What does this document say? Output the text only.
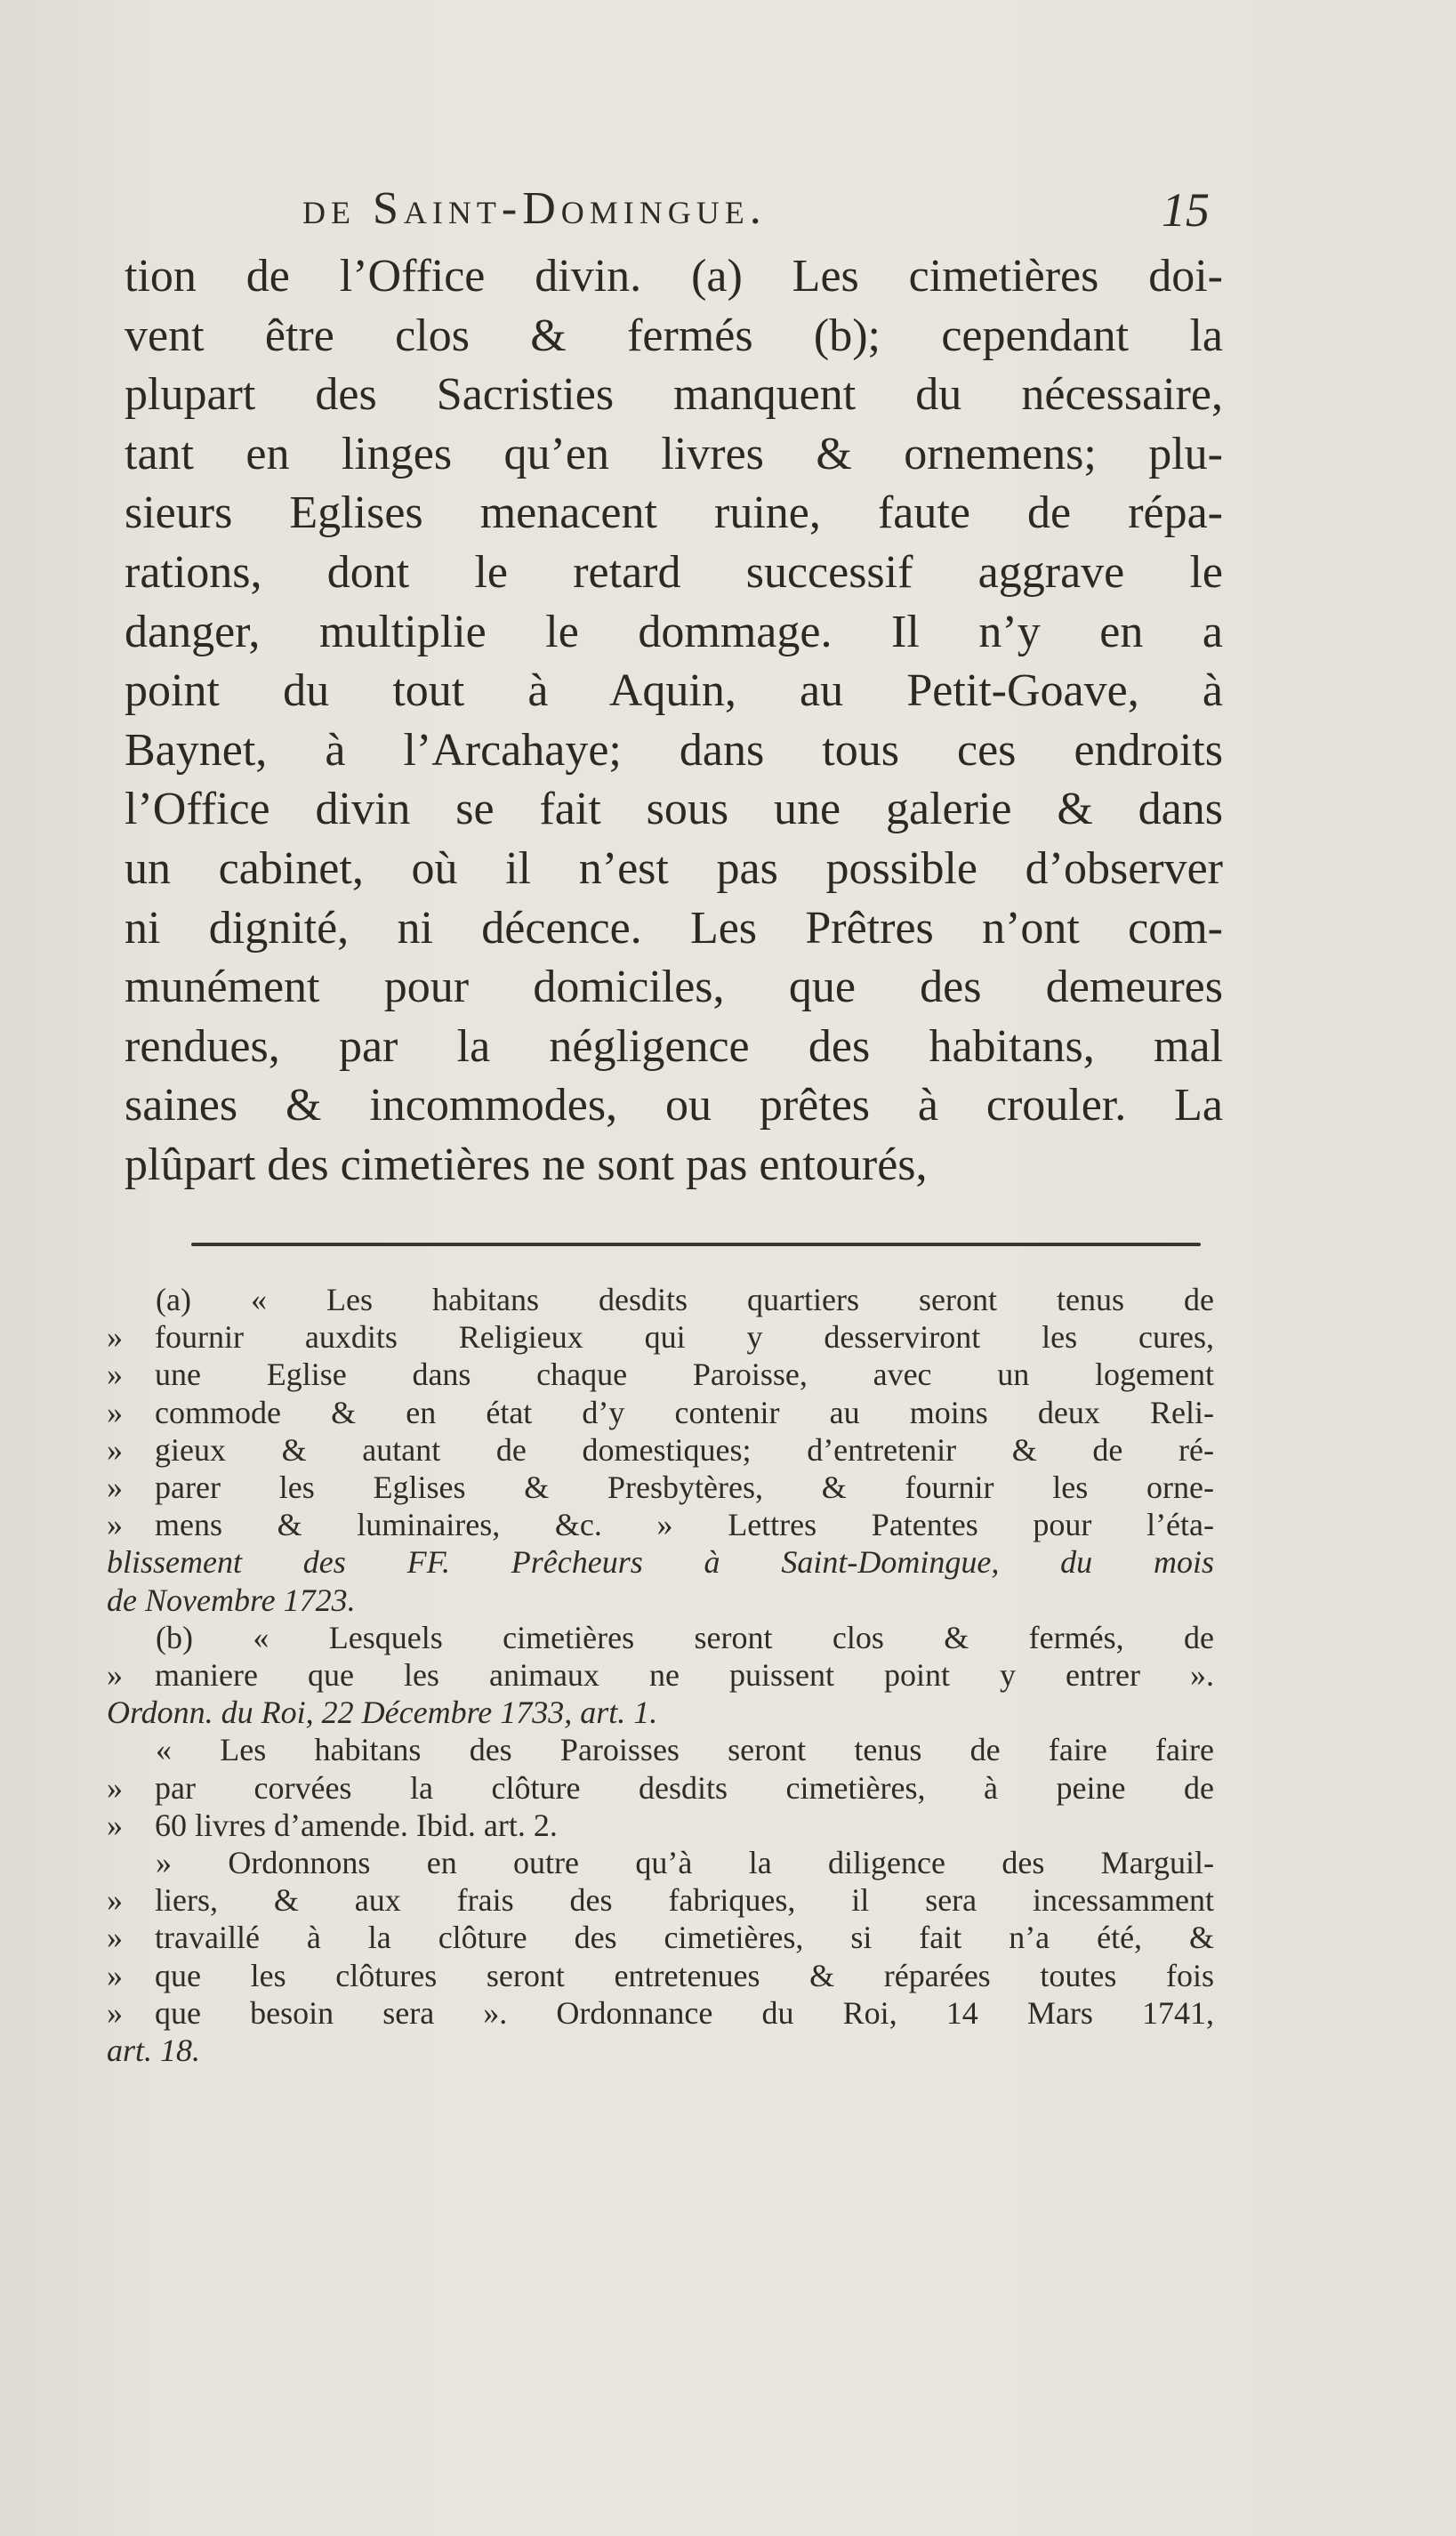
de Saint-Domingue.	15
tion de l’Office divin. (a) Les cimetières doi-
vent être clos & fermés (b); cependant la
plupart des Sacristies manquent du nécessaire,
tant en linges qu’en livres & ornemens; plu-
sieurs Eglises menacent ruine, faute de répa-
rations, dont le retard successif aggrave le
danger, multiplie le dommage. Il n’y en a
point du tout à Aquin, au Petit-Goave, à
Baynet, à l’Arcahaye; dans tous ces endroits
l’Office divin se fait sous une galerie & dans
un cabinet, où il n’est pas possible d’observer
ni dignité, ni décence. Les Prêtres n’ont com-
munément pour domiciles, que des demeures
rendues, par la négligence des habitans, mal
saines & incommodes, ou prêtes à crouler. La
plûpart des cimetières ne sont pas entourés,
(a) « Les habitans desdits quartiers seront tenus de
» fournir auxdits Religieux qui y desserviront les cures,
» une Eglise dans chaque Paroisse, avec un logement
» commode & en état d’y contenir au moins deux Reli-
» gieux & autant de domestiques; d’entretenir & de ré-
» parer les Eglises & Presbytères, & fournir les orne-
» mens & luminaires, &c. » Lettres Patentes pour l’éta-
blissement des FF. Prêcheurs à Saint-Domingue, du mois
de Novembre 1723.
(b) « Lesquels cimetières seront clos & fermés, de
» maniere que les animaux ne puissent point y entrer ».
Ordonn. du Roi, 22 Décembre 1733, art. 1.
« Les habitans des Paroisses seront tenus de faire faire
» par corvées la clôture desdits cimetières, à peine de
» 60 livres d’amende. Ibid. art. 2.
» Ordonnons en outre qu’à la diligence des Marguil-
» liers, & aux frais des fabriques, il sera incessamment
» travaillé à la clôture des cimetières, si fait n’a été, &
» que les clôtures seront entretenues & réparées toutes fois
» que besoin sera ». Ordonnance du Roi, 14 Mars 1741,
art. 18.
